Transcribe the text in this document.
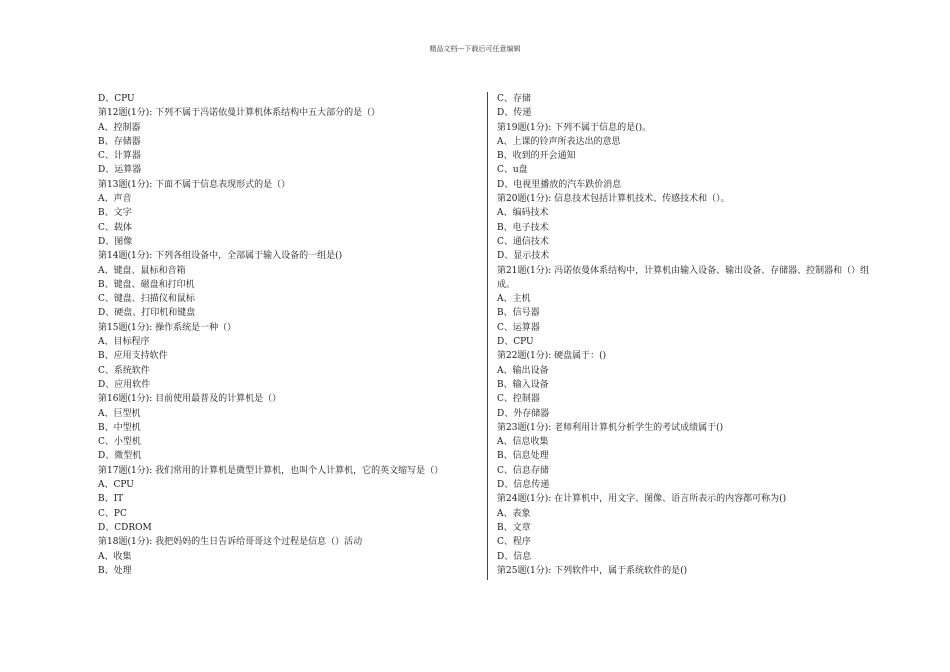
精品文档---下载后可任意编辑
D、CPU
第12题(1分): 下列不属于冯诺依曼计算机体系结构中五大部分的是（）
A、控制器
B、存储器
C、计算器
D、运算器
第13题(1分): 下面不属于信息表现形式的是（）
A、声音
B、文字
C、载体
D、图像
第14题(1分): 下列各组设备中，全部属于输入设备的一组是()
A、键盘、鼠标和音箱
B、键盘、磁盘和打印机
C、键盘、扫描仪和鼠标
D、硬盘、打印机和键盘
第15题(1分): 操作系统是一种（）
A、目标程序
B、应用支持软件
C、系统软件
D、应用软件
第16题(1分): 目前使用最普及的计算机是（）
A、巨型机
B、中型机
C、小型机
D、微型机
第17题(1分): 我们常用的计算机是微型计算机，也叫个人计算机，它的英文缩写是（）
A、CPU
B、IT
C、PC
D、CDROM
第18题(1分): 我把妈妈的生日告诉给哥哥这个过程是信息（）活动
A、收集
B、处理
C、存储
D、传递
第19题(1分): 下列不属于信息的是()。
A、上课的铃声所表达出的意思
B、收到的开会通知
C、u盘
D、电视里播放的汽车跌价消息
第20题(1分): 信息技术包括计算机技术、传感技术和（）。
A、编码技术
B、电子技术
C、通信技术
D、显示技术
第21题(1分): 冯诺依曼体系结构中，计算机由输入设备、输出设备、存储器、控制器和（）组
成。
A、主机
B、信号器
C、运算器
D、CPU
第22题(1分): 硬盘属于：()
A、输出设备
B、输入设备
C、控制器
D、外存储器
第23题(1分): 老师利用计算机分析学生的考试成绩属于()
A、信息收集
B、信息处理
C、信息存储
D、信息传递
第24题(1分): 在计算机中，用文字、图像、语言所表示的内容都可称为()
A、表象
B、文章
C、程序
D、信息
第25题(1分): 下列软件中，属于系统软件的是()
